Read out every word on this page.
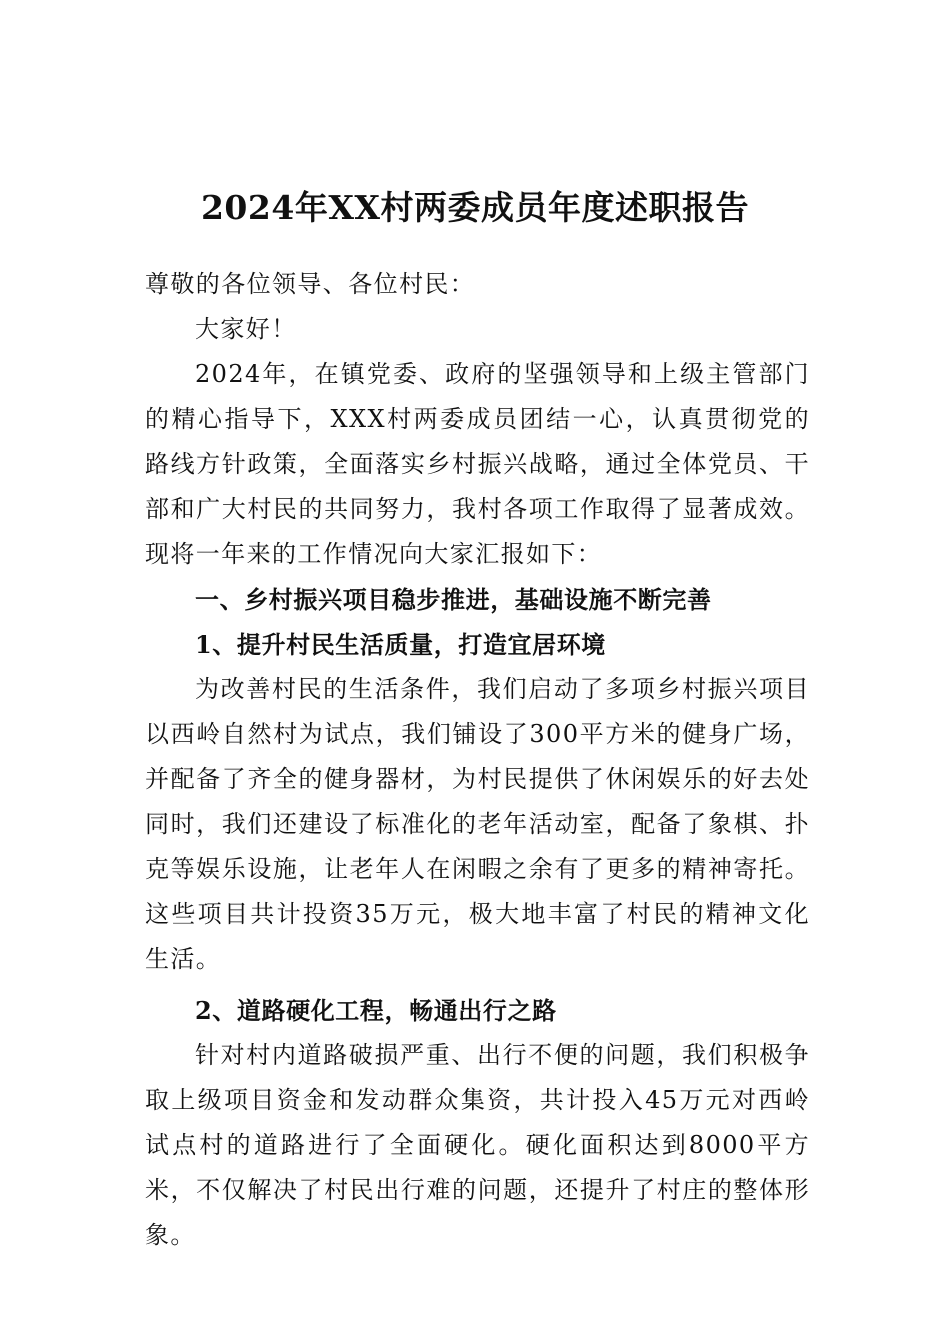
2024年XX村两委成员年度述职报告

尊敬的各位领导、各位村民：

大家好！

2024年，在镇党委、政府的坚强领导和上级主管部门的精心指导下，XXX村两委成员团结一心，认真贯彻党的路线方针政策，全面落实乡村振兴战略，通过全体党员、干部和广大村民的共同努力，我村各项工作取得了显著成效。现将一年来的工作情况向大家汇报如下：

一、乡村振兴项目稳步推进，基础设施不断完善

1、提升村民生活质量，打造宜居环境

为改善村民的生活条件，我们启动了多项乡村振兴项目以西岭自然村为试点，我们铺设了300平方米的健身广场，并配备了齐全的健身器材，为村民提供了休闲娱乐的好去处同时，我们还建设了标准化的老年活动室，配备了象棋、扑克等娱乐设施，让老年人在闲暇之余有了更多的精神寄托。这些项目共计投资35万元，极大地丰富了村民的精神文化生活。

2、道路硬化工程，畅通出行之路

针对村内道路破损严重、出行不便的问题，我们积极争取上级项目资金和发动群众集资，共计投入45万元对西岭试点村的道路进行了全面硬化。硬化面积达到8000平方米，不仅解决了村民出行难的问题，还提升了村庄的整体形象。
